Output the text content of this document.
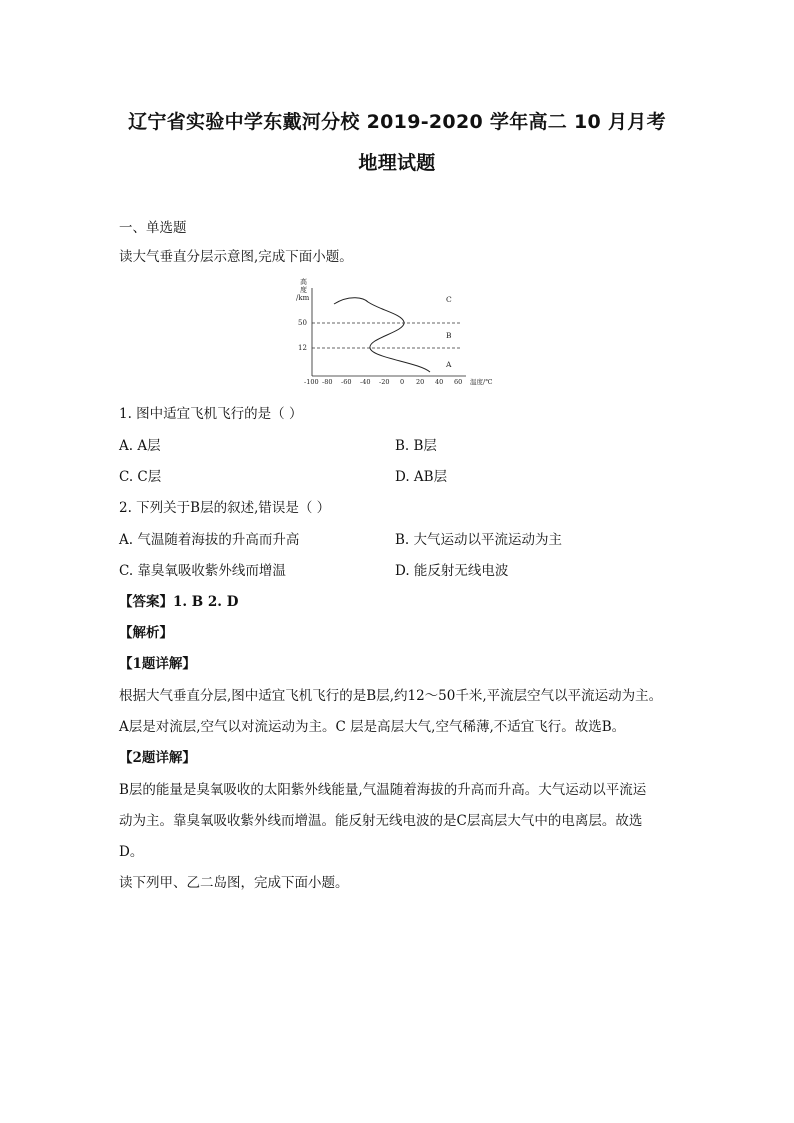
辽宁省实验中学东戴河分校 2019-2020 学年高二 10 月月考
地理试题
一、单选题
读大气垂直分层示意图,完成下面小题。
高
度
/km
50
12
-100 -80 -60 -40 -20 0 20 40 60 温度/℃
C
B
A
1. 图中适宜飞机飞行的是（ ）
A. A层	B. B层
C. C层	D. AB层
2. 下列关于B层的叙述,错误是（ ）
A. 气温随着海拔的升高而升高	B. 大气运动以平流运动为主
C. 靠臭氧吸收紫外线而增温	D. 能反射无线电波
【答案】1. B 2. D
【解析】
【1题详解】
根据大气垂直分层,图中适宜飞机飞行的是B层,约12～50千米,平流层空气以平流运动为主。
A层是对流层,空气以对流运动为主。C 层是高层大气,空气稀薄,不适宜飞行。故选B。
【2题详解】
B层的能量是臭氧吸收的太阳紫外线能量,气温随着海拔的升高而升高。大气运动以平流运
动为主。靠臭氧吸收紫外线而增温。能反射无线电波的是C层高层大气中的电离层。故选
D。
读下列甲、乙二岛图，完成下面小题。
